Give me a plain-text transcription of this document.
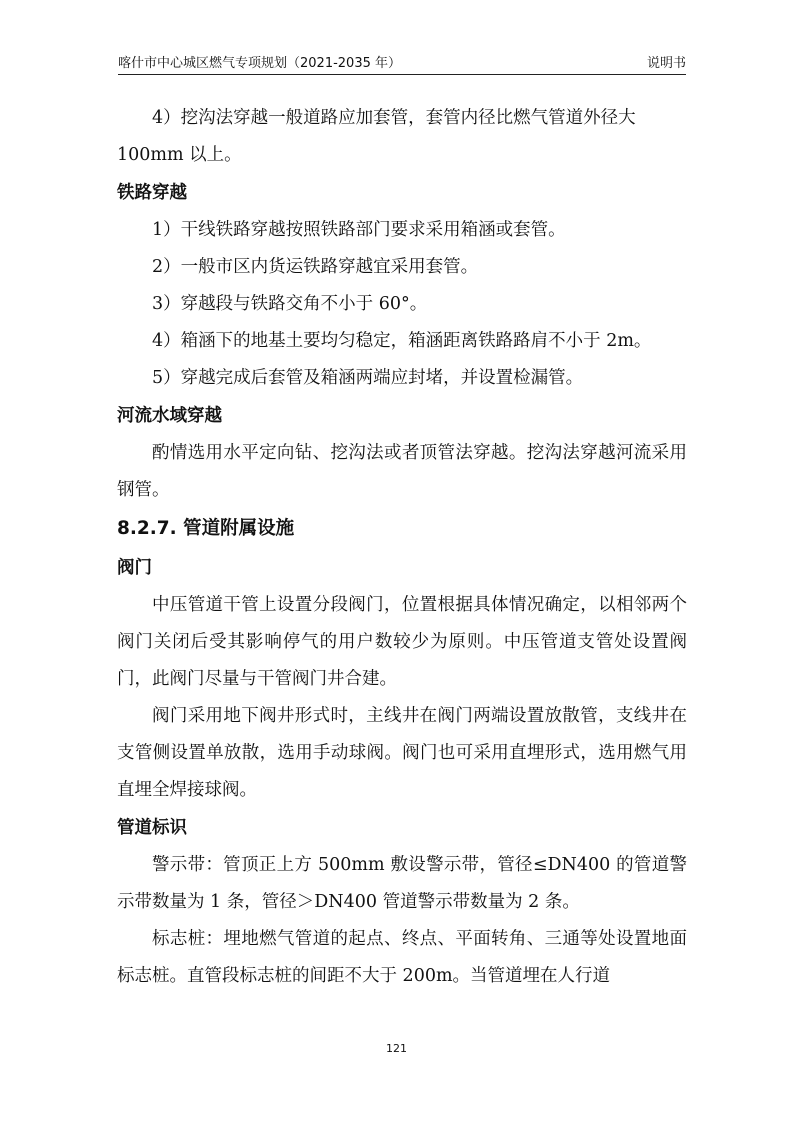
喀什市中心城区燃气专项规划（2021-2035 年）	说明书

4）挖沟法穿越一般道路应加套管，套管内径比燃气管道外径大

100mm 以上。

铁路穿越

1）干线铁路穿越按照铁路部门要求采用箱涵或套管。

2）一般市区内货运铁路穿越宜采用套管。

3）穿越段与铁路交角不小于 60°。

4）箱涵下的地基土要均匀稳定，箱涵距离铁路路肩不小于 2m。

5）穿越完成后套管及箱涵两端应封堵，并设置检漏管。

河流水域穿越

酌情选用水平定向钻、挖沟法或者顶管法穿越。挖沟法穿越河流采用钢管。

8.2.7. 管道附属设施

阀门

中压管道干管上设置分段阀门，位置根据具体情况确定，以相邻两个阀门关闭后受其影响停气的用户数较少为原则。中压管道支管处设置阀门，此阀门尽量与干管阀门井合建。

阀门采用地下阀井形式时，主线井在阀门两端设置放散管，支线井在支管侧设置单放散，选用手动球阀。阀门也可采用直埋形式，选用燃气用直埋全焊接球阀。

管道标识

警示带：管顶正上方 500mm 敷设警示带，管径≤DN400 的管道警示带数量为 1 条，管径＞DN400 管道警示带数量为 2 条。

标志桩：埋地燃气管道的起点、终点、平面转角、三通等处设置地面标志桩。直管段标志桩的间距不大于 200m。当管道埋在人行道

121
